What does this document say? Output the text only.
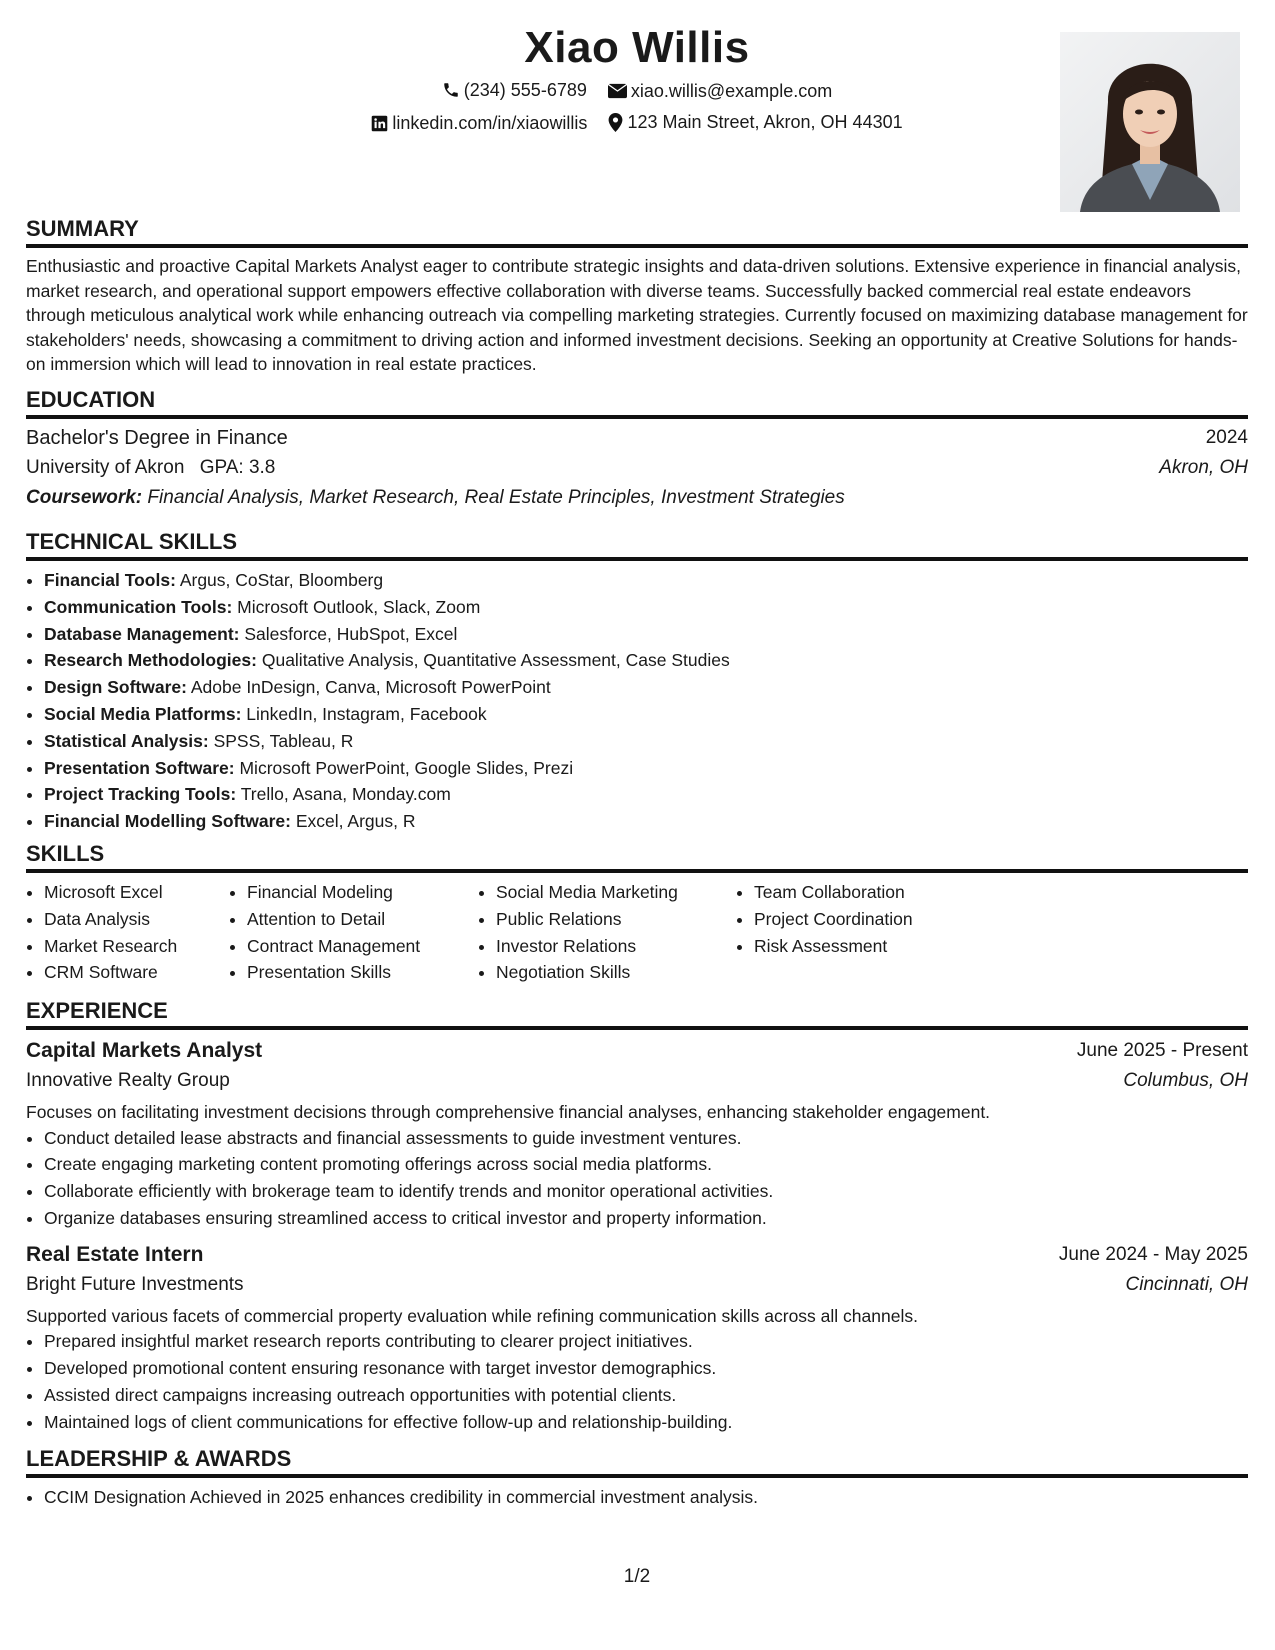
Xiao Willis
(234) 555-6789
xiao.willis@example.com
linkedin.com/in/xiaowillis
123 Main Street, Akron, OH 44301
SUMMARY

Enthusiastic and proactive Capital Markets Analyst eager to contribute strategic insights and data-driven solutions. Extensive experience in financial analysis, market research, and operational support empowers effective collaboration with diverse teams. Successfully backed commercial real estate endeavors through meticulous analytical work while enhancing outreach via compelling marketing strategies. Currently focused on maximizing database management for stakeholders' needs, showcasing a commitment to driving action and informed investment decisions. Seeking an opportunity at Creative Solutions for hands-on immersion which will lead to innovation in real estate practices.

EDUCATION
Bachelor's Degree in Finance	2024
University of Akron GPA: 3.8	Akron, OH
Coursework:
Financial Analysis, Market Research, Real Estate Principles, Investment Strategies
TECHNICAL SKILLS
• Financial Tools: Argus, CoStar, Bloomberg
• Communication Tools: Microsoft Outlook, Slack, Zoom
• Database Management: Salesforce, HubSpot, Excel
• Research Methodologies: Qualitative Analysis, Quantitative Assessment, Case Studies
• Design Software: Adobe InDesign, Canva, Microsoft PowerPoint
• Social Media Platforms: LinkedIn, Instagram, Facebook
• Statistical Analysis: SPSS, Tableau, R
• Presentation Software: Microsoft PowerPoint, Google Slides, Prezi
• Project Tracking Tools: Trello, Asana, Monday.com
• Financial Modelling Software: Excel, Argus, R
SKILLS
• Microsoft Excel
• Data Analysis
• Market Research
• CRM Software
• Financial Modeling
• Attention to Detail
• Contract Management
• Presentation Skills
• Social Media Marketing
• Public Relations
• Investor Relations
• Negotiation Skills
• Team Collaboration
• Project Coordination
• Risk Assessment
EXPERIENCE
Capital Markets Analyst	June 2025 - Present
Innovative Realty Group	Columbus, OH

Focuses on facilitating investment decisions through comprehensive financial analyses, enhancing stakeholder engagement.

• Conduct detailed lease abstracts and financial assessments to guide investment ventures.
• Create engaging marketing content promoting offerings across social media platforms.
• Collaborate efficiently with brokerage team to identify trends and monitor operational activities.
• Organize databases ensuring streamlined access to critical investor and property information.
Real Estate Intern	June 2024 - May 2025
Bright Future Investments	Cincinnati, OH

Supported various facets of commercial property evaluation while refining communication skills across all channels.

• Prepared insightful market research reports contributing to clearer project initiatives.
• Developed promotional content ensuring resonance with target investor demographics.
• Assisted direct campaigns increasing outreach opportunities with potential clients.
• Maintained logs of client communications for effective follow-up and relationship-building.
LEADERSHIP & AWARDS
• CCIM Designation Achieved in 2025 enhances credibility in commercial investment analysis.
1/2
